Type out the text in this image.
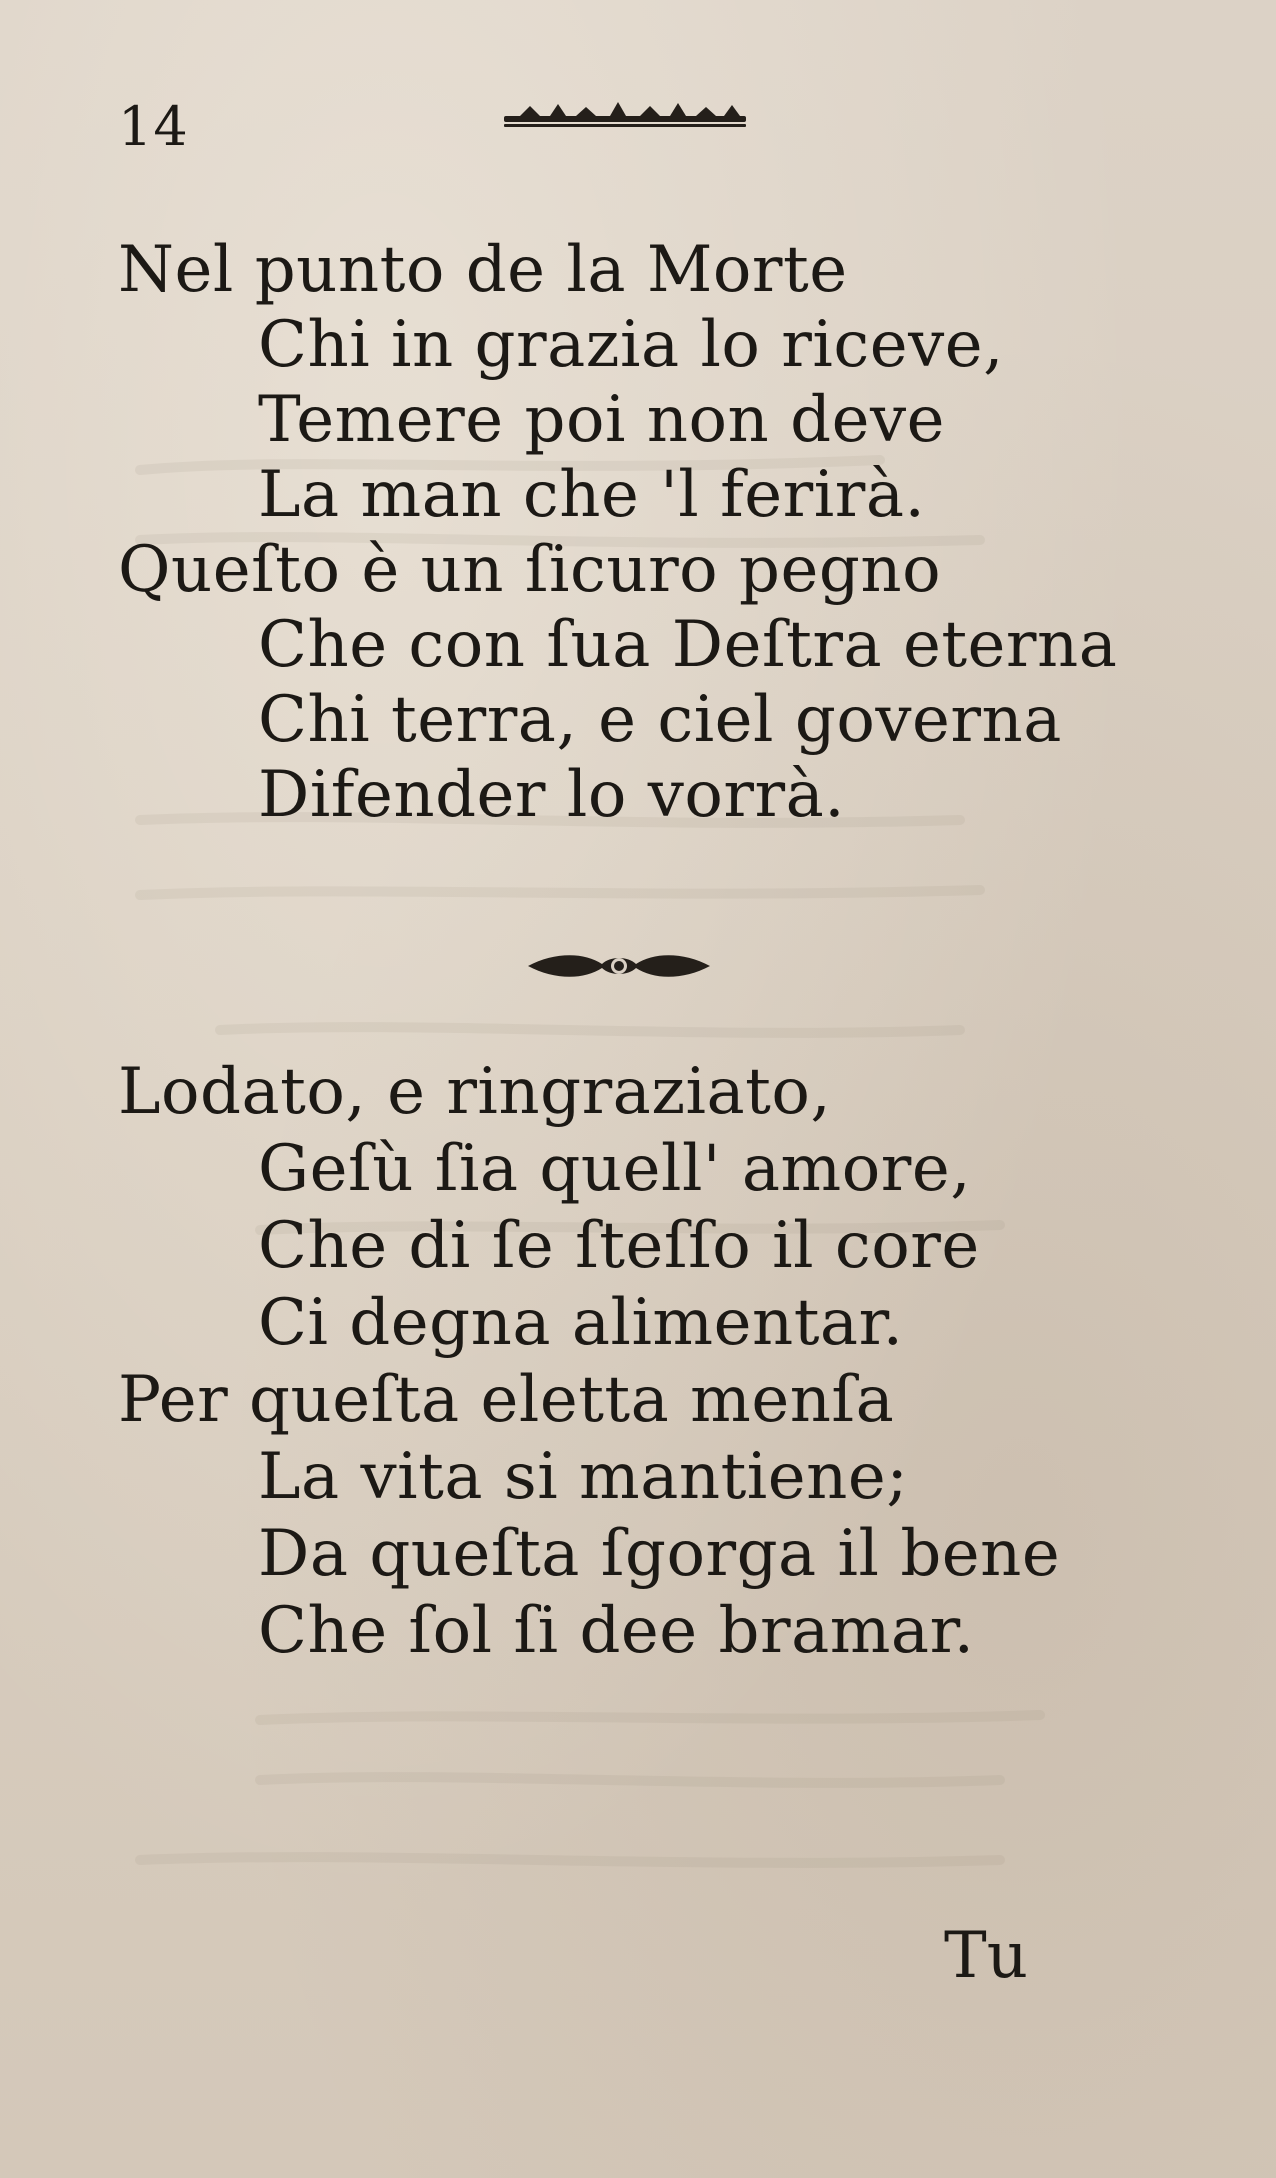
14
Nel punto de la Morte
Chi in grazia lo riceve,
Temere poi non deve
La man che 'l ferirà.
Queſto è un ſicuro pegno
Che con ſua Deſtra eterna
Chi terra, e ciel governa
Difender lo vorrà.
Lodato, e ringraziato,
Geſù ſia quell' amore,
Che di ſe ſteſſo il core
Ci degna alimentar.
Per queſta eletta menſa
La vita si mantiene;
Da queſta ſgorga il bene
Che ſol ſi dee bramar.
Tu
